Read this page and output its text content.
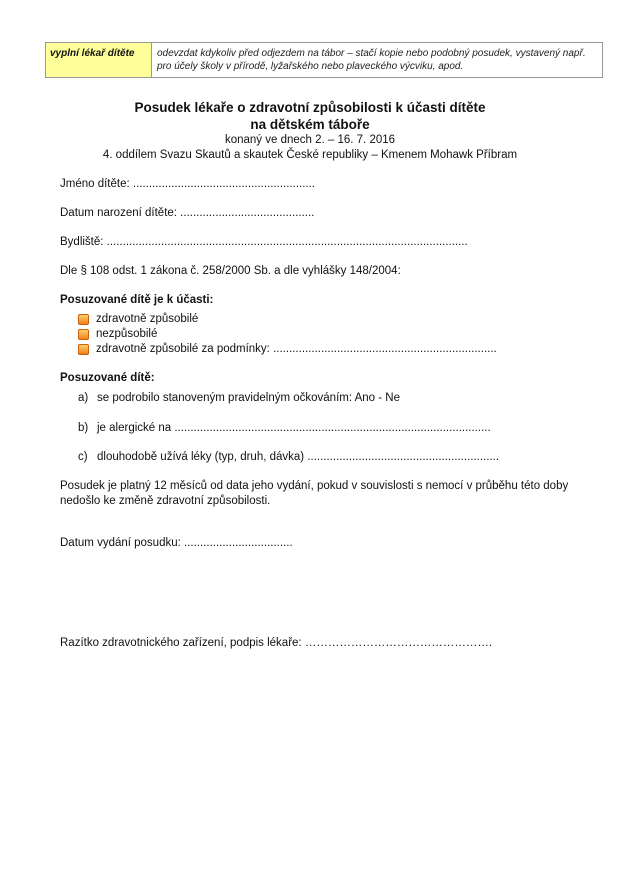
vyplní lékař dítěte	odevzdat kdykoliv před odjezdem na tábor – stačí kopie nebo podobný posudek, vystavený např. pro účely školy v přírodě, lyžařského nebo plaveckého výcviku, apod.
Posudek lékaře o zdravotní způsobilosti k účasti dítěte
na dětském táboře
konaný ve dnech 2. – 16. 7. 2016
4. oddílem Svazu Skautů a skautek České republiky – Kmenem Mohawk Příbram
Jméno dítěte: .........................................................
Datum narození dítěte: ..........................................
Bydliště: .................................................................................................................
Dle § 108 odst. 1 zákona č. 258/2000 Sb. a dle vyhlášky 148/2004:
Posuzované dítě je k účasti:
zdravotně způsobilé
nezpůsobilé
zdravotně způsobilé za podmínky: ......................................................................
Posuzované dítě:
a) se podrobilo stanoveným pravidelným očkováním: Ano - Ne
b) je alergické na ...................................................................................................
c) dlouhodobě užívá léky (typ, druh, dávka) ............................................................
Posudek je platný 12 měsíců od data jeho vydání, pokud v souvislosti s nemocí v průběhu této doby nedošlo ke změně zdravotní způsobilosti.
Datum vydání posudku: ..................................
Razítko zdravotnického zařízení, podpis lékaře: ………………………………………….
